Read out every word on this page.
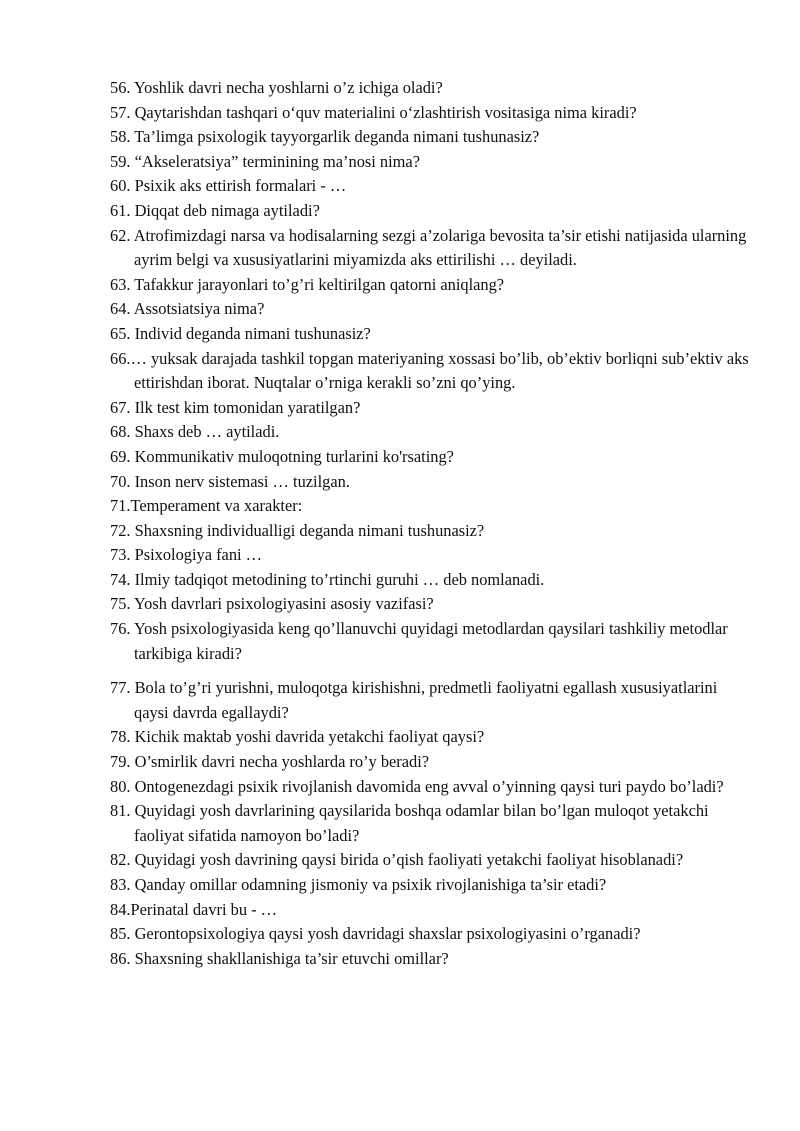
56. Yoshlik davri necha yoshlarni o’z ichiga oladi?

57. Qaytarishdan tashqari o‘quv materialini o‘zlashtirish vositasiga nima kiradi?

58. Ta’limga psixologik tayyorgarlik deganda nimani tushunasiz?

59. “Akseleratsiya” terminining ma’nosi nima?

60. Psixik aks ettirish formalari - …

61. Diqqat deb nimaga aytiladi?

62. Atrofimizdagi narsa va hodisalarning sezgi a’zolariga bevosita ta’sir etishi natijasida ularning ayrim belgi va xususiyatlarini miyamizda aks ettirilishi … deyiladi.

63. Tafakkur jarayonlari to’g’ri keltirilgan qatorni aniqlang?

64. Assotsiatsiya nima?

65. Individ deganda nimani tushunasiz?

66.… yuksak darajada tashkil topgan materiyaning xossasi bo’lib, ob’ektiv borliqni sub’ektiv aks ettirishdan iborat. Nuqtalar o’rniga kerakli so’zni qo’ying.

67. Ilk test kim tomonidan yaratilgan?

68. Shaxs deb … aytiladi.

69. Kommunikativ muloqotning turlarini ko'rsating?

70. Inson nerv sistemasi … tuzilgan.

71.Temperament va xarakter:

72. Shaxsning individualligi deganda nimani tushunasiz?

73. Psixologiya fani …

74. Ilmiy tadqiqot metodining to’rtinchi guruhi … deb nomlanadi.

75. Yosh davrlari psixologiyasini asosiy vazifasi?

76. Yosh psixologiyasida keng qo’llanuvchi quyidagi metodlardan qaysilari tashkiliy metodlar tarkibiga kiradi?

77. Bola to’g’ri yurishni, muloqotga kirishishni, predmetli faoliyatni egallash xususiyatlarini qaysi davrda egallaydi?

78. Kichik maktab yoshi davrida yetakchi faoliyat qaysi?

79. O’smirlik davri necha yoshlarda ro’y beradi?

80. Ontogenezdagi psixik rivojlanish davomida eng avval o’yinning qaysi turi paydo bo’ladi?

81. Quyidagi yosh davrlarining qaysilarida boshqa odamlar bilan bo’lgan muloqot yetakchi faoliyat sifatida namoyon bo’ladi?

82. Quyidagi yosh davrining qaysi birida o’qish faoliyati yetakchi faoliyat hisoblanadi?

83. Qanday omillar odamning jismoniy va psixik rivojlanishiga ta’sir etadi?

84.Perinatal davri bu - …

85. Gerontopsixologiya qaysi yosh davridagi shaxslar psixologiyasini o’rganadi?

86. Shaxsning shakllanishiga ta’sir etuvchi omillar?
